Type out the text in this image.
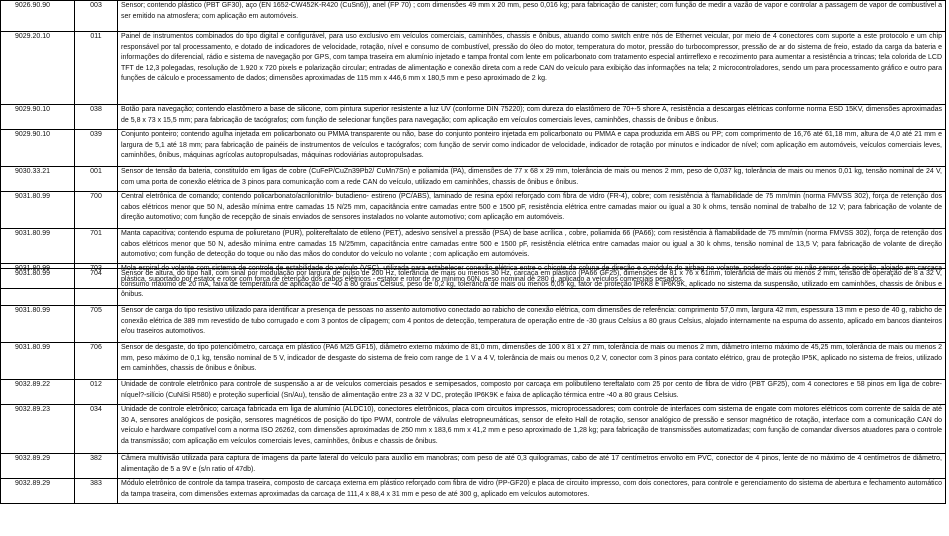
9026.90.90	003	Sensor; contendo plástico (PBT GF30), aço (EN 1652-CW452K-R420 (CuSn6)), anel (FP 70) ; com dimensões 49 mm x 20 mm, peso 0,016 kg; para fabricação de canister; com função de medir a vazão de vapor e controlar a passagem de vapor de combustível a ser emitido na atmosfera; com aplicação em automóveis.

9029.20.10	011	Painel de instrumentos combinados do tipo digital e configurável, para uso exclusivo em veículos comerciais, caminhões, chassis e ônibus, atuando como switch entre nós de Ethernet veicular, por meio de 4 conectores com suporte a este protocolo e um chip responsável por tal processamento, e dotado de indicadores de velocidade, rotação, nível e consumo de combustível, pressão do óleo do motor, temperatura do motor, pressão do turbocompressor, pressão de ar do sistema de freio, estado da carga da bateria e informações do diferencial, rádio e sistema de navegação por GPS, com tampa traseira em alumínio injetado e tampa frontal com lente em policarbonato com tratamento especial antirreflexo e recozimento para aumentar a resistência a trincas; tela colorida de LCD TFT de 12,3 polegadas, resolução de 1.920 x 720 pixels e polarização circular; entradas de alimentação e conexão direta com a rede CAN do veículo para exibição das informações na tela; 2 microcontroladores, sendo um para processamento gráfico e outro para funções de cálculo e processamento de dados; dimensões aproximadas de 115 mm x 446,6 mm x 180,5 mm e peso aproximado de 2 kg.

9029.90.10	038	Botão para navegação; contendo elastômero a base de silicone, com pintura superior resistente a luz UV (conforme DIN 75220); com dureza do elastômero de 70+-5 shore A, resistência a descargas elétricas conforme norma ESD 15KV, dimensões aproximadas de 5,8 x 73 x 15,5 mm; para fabricação de tacógrafos; com função de selecionar funções para navegação; com aplicação em veículos comerciais leves, caminhões, chassis de ônibus e ônibus.

9029.90.10	039	Conjunto ponteiro; contendo agulha injetada em policarbonato ou PMMA transparente ou não, base do conjunto ponteiro injetada em policarbonato ou PMMA e capa produzida em ABS ou PP; com comprimento de 16,76 até 61,18 mm, altura de 4,0 até 21 mm e largura de 5,1 até 18 mm; para fabricação de painéis de instrumentos de veículos e tacógrafos; com função de servir como indicador de velocidade, indicador de rotação por minutos e indicador de nível; com aplicação em automóveis, veículos comerciais leves, caminhões, ônibus, máquinas agrícolas autopropulsadas, máquinas rodoviárias autopropulsadas.

9030.33.21	001	Sensor de tensão da bateria, constituído em ligas de cobre (CuFeP/CuZn39Pb2/ CuMn7Sn) e poliamida (PA), dimensões de 77 x 68 x 29 mm, tolerância de mais ou menos 2 mm, peso de 0,037 kg, tolerância de mais ou menos 0,01 kg, tensão nominal de 24 V, com uma porta de conexão elétrica de 3 pinos para comunicação com a rede CAN do veículo, utilizado em caminhões, chassis de ônibus e ônibus.

9031.80.99	700	Central eletrônica de comando; contendo policarbonato/acrilonitrilo- butadieno- estireno (PC/ABS), laminado de resina epóxi reforçado com fibra de vidro (FR-4), cobre; com resistência à flamabilidade de 75 mm/min (norma FMVSS 302), força de retenção dos cabos elétricos menor que 50 N, adesão mínima entre camadas 15 N/25 mm, capacitância entre camadas entre 500 e 1500 pF, resistência elétrica entre camadas maior ou igual a 30 k ohms, tensão nominal de trabalho de 12 V; para fabricação de volante de direção automotivo; com função de recepção de sinais enviados de sensores instalados no volante automotivo; com aplicação em automóveis.

9031.80.99	701	Manta capacitiva; contendo espuma de poliuretano (PUR), politereftalato de etileno (PET), adesivo sensível a pressão (PSA) de base acrílica , cobre, poliamida 66 (PA66); com resistência à flamabilidade de 75 mm/min (norma FMVSS 302), força de retenção dos cabos elétricos menor que 50 N, adesão mínima entre camadas 15 N/25mm, capacitância entre camadas entre 500 e 1500 pF, resistência elétrica entre camadas maior ou igual a 30 k ohms, tensão nominal de 13,5 V; para fabricação de volante de direção automotivo; com função de detecção do toque ou não das mãos do condutor do veículo no volante ; com aplicação em automóveis.

9031.80.99	703	Mola espiral do volante com sistema de controle de estabilidade do veículo (VSC), utilizada para estabelecer conexão elétrica entre o chicote da coluna de direção e o módulo do airbag no volante, podendo conter ou não sensor de posição, alojado em carcaça plástica, suportado por estator e rotor com força de retenção dos cabos elétricos - estator e rotor de no mínimo 60N, peso nominal de 280 g, aplicado a veículos comerciais pesados.
9031.80.99	704	Sensor de altura, do tipo hall, com sinal por modulação por largura de pulso de 200 Hz, tolerância de mais ou menos 30 Hz, carcaça em plástico (PA66 GF25), dimensões de 81 x 76 x 61mm, tolerância de mais ou menos 2 mm, tensão de operação de 8 a 32 V, consumo máximo de 20 mA, faixa de temperatura de aplicação de -40 a 80 graus Celsius, peso de 0,2 kg, tolerância de mais ou menos 0,05 kg, fator de proteção IP6K8 e IP6K9K, aplicado no sistema da suspensão, utilizado em caminhões, chassis de ônibus e ônibus.

9031.80.99	705	Sensor de carga do tipo resistivo utilizado para identificar a presença de pessoas no assento automotivo conectado ao rabicho de conexão elétrica, com dimensões de referência: comprimento 57,0 mm, largura 42 mm, espessura 13 mm e peso de 40 g, rabicho de conexão elétrica de 389 mm revestido de tubo corrugado e com 3 pontos de clipagem; com 4 pontos de detecção, temperatura de operação entre de -30 graus Celsius a 80 graus Celsius, alojado internamente na espuma do assento, aplicado em bancos dianteiros e/ou traseiros automotivos.

9031.80.99	706	Sensor de desgaste, do tipo potenciômetro, carcaça em plástico (PA6 M25 GF15), diâmetro externo máximo de 81,0 mm, dimensões de 100 x 81 x 27 mm, tolerância de mais ou menos 2 mm, diâmetro interno máximo de 45,25 mm, tolerância de mais ou menos 2 mm, peso máximo de 0,1 kg, tensão nominal de 5 V, indicador de desgaste do sistema de freio com range de 1 V a 4 V, tolerância de mais ou menos 0,2 V, conector com 3 pinos para contato elétrico, grau de proteção IP5K, aplicado no sistema de freios, utilizado em caminhões, chassis de ônibus e ônibus.

9032.89.22	012	Unidade de controle eletrônico para controle de suspensão a ar de veículos comerciais pesados e semipesados, composto por carcaça em polibutileno tereftalato com 25 por cento de fibra de vidro (PBT GF25), com 4 conectores e 58 pinos em liga de cobre-níquel?-silício (CuNiSi R580) e proteção superficial (Sn/Au), tensão de alimentação entre 23 a 32 V DC, proteção IP6K9K e faixa de aplicação térmica entre -40 a 80 graus Celsius.

9032.89.23	034	Unidade de controle eletrônico; carcaça fabricada em liga de alumínio (ALDC10), conectores eletrônicos, placa com circuitos impressos, microprocessadores; com controle de interfaces com sistema de engate com motores elétricos com corrente de saída de até 30 A, sensores analógicos de posição, sensores magnéticos de posição do tipo PWM, controle de válvulas eletropneumáticas, sensor de efeito Hall de rotação, sensor analógico de pressão e sensor magnético de rotação, interface com a comunicação CAN do veículo e hardware compatível com a norma ISO 26262, com dimensões aproximadas de 250 mm x 183,6 mm x 41,2 mm e peso aproximado de 1,28 kg; para fabricação de transmissões automatizadas; com função de comandar diversos atuadores para o controle da transmissão; com aplicação em veículos comerciais leves, caminhões, ônibus e chassis de ônibus.

9032.89.29	382	Câmera multivisão utilizada para captura de imagens da parte lateral do veículo para auxílio em manobras; com peso de até 0,3 quilogramas, cabo de até 17 centímetros envolto em PVC, conector de 4 pinos, lente de no máximo de 4 centímetros de diâmetro, alimentação de 5 a 9V e (s/n ratio of 47db).

9032.89.29	383	Módulo eletrônico de controle da tampa traseira, composto de carcaça externa em plástico reforçado com fibra de vidro (PP-GF20) e placa de circuito impresso, com dois conectores, para controle e gerenciamento do sistema de abertura e fechamento automático da tampa traseira, com dimensões externas aproximadas da carcaça de 111,4 x 88,4 x 31 mm e peso de até 300 g, aplicado em veículos automotores.
